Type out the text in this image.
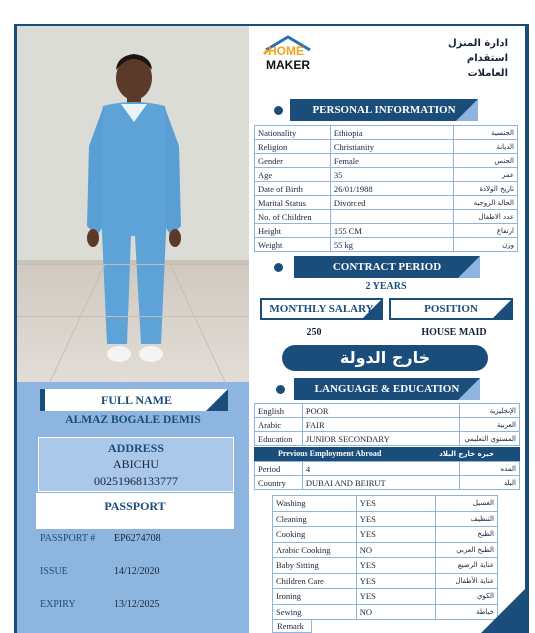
FULL NAME
ALMAZ BOGALE DEMIS
ADDRESS
ABICHU
00251968133777
PASSPORT
PASSPORT # EP6274708
ISSUE	14/12/2020
EXPIRY	13/12/2025
HOME
MAKER
ادارة المنزل
استقدام العاملات
PERSONAL INFORMATION
Nationality	Ethiopia	الجنسية
Religion	Christianity	الديانة
Gender	Female	الجنس
Age	35	عمر
Date of Birth	26/01/1988	تاريخ الولادة
Marital Status	Divorced	الحالة الزوجية
No. of Children		عدد الاطفال
Height	155 CM	ارتفاع
Weight	55 kg	وزن
CONTRACT PERIOD
2 YEARS
MONTHLY SALARY	POSITION
250	HOUSE MAID
خارج الدولة
LANGUAGE & EDUCATION
English	POOR	الإنجليزية
Arabic	FAIR	العربية
Education	JUNIOR SECONDARY	المستوي التعليمي
Previous Employment Abroad	خبره خارج البلاد
Period	4	المده
Country	DUBAI AND BEIRUT	البلد
Washing	YES	الغسيل
Cleaning	YES	التنظيف
Cooking	YES	الطبخ
Arabic Cooking	NO	الطبخ العربي
Baby Sitting	YES	عناية الرضيع
Children Care	YES	عناية الأطفال
Ironing	YES	الكوي
Sewing	NO	خياطة
Remark
